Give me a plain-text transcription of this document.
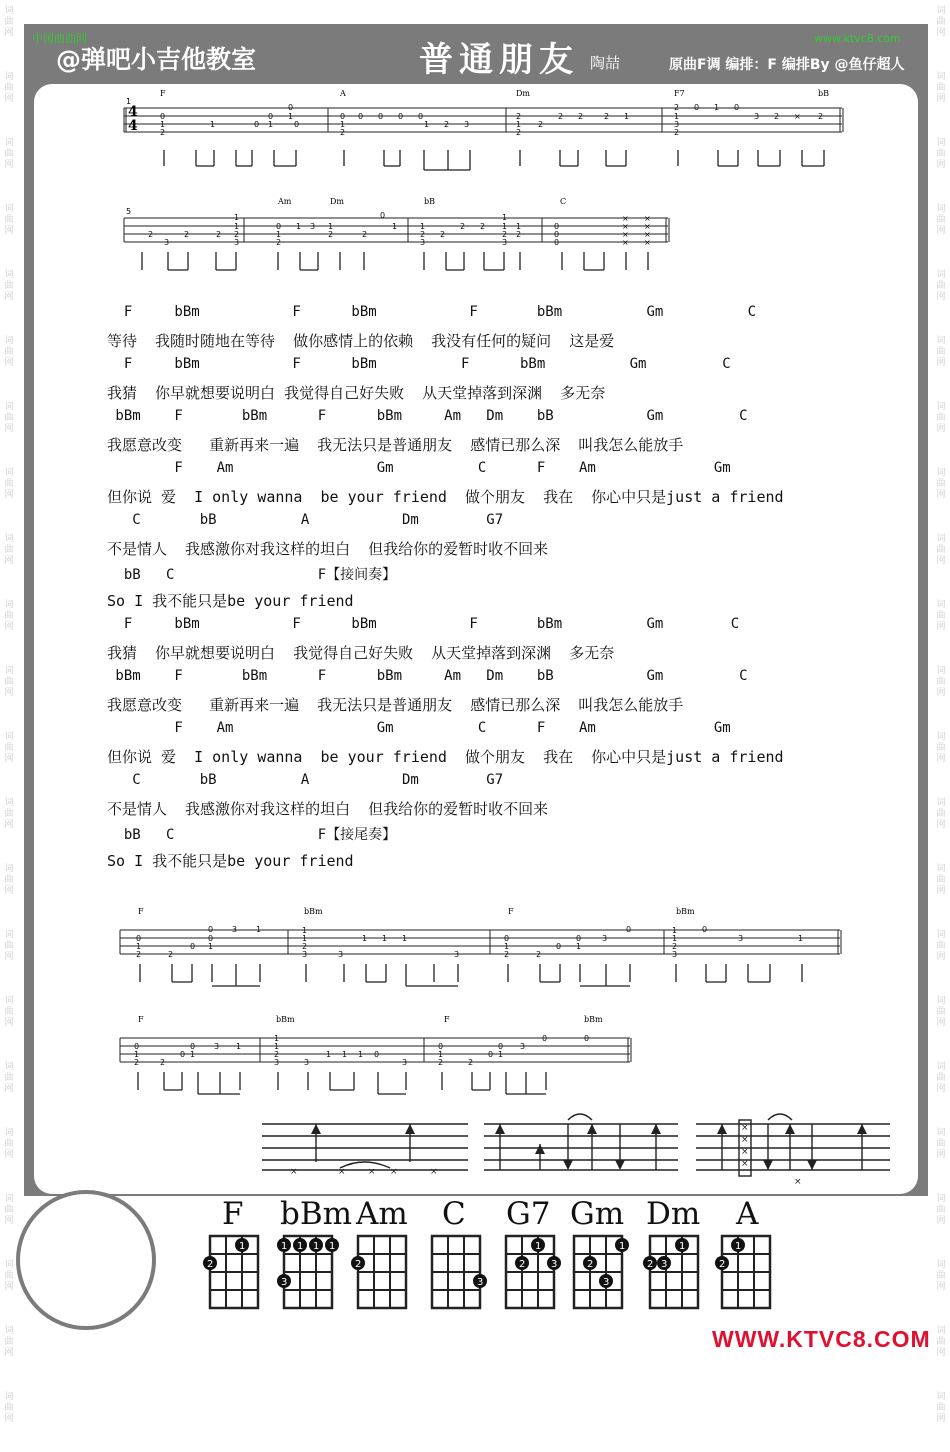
词
曲
网
词
曲
网
词
曲
网
词
曲
网
词
曲
网
词
曲
网
词
曲
网
词
曲
网
词
曲
网
词
曲
网
词
曲
网
词
曲
网
词
曲
网
词
曲
网
词
曲
网
词
曲
网
词
曲
网
词
曲
网
词
曲
网
词
曲
网
词
曲
网
词
曲
网
词
曲
网
词
曲
网
词
曲
网
词
曲
网
词
曲
网
词
曲
网
词
曲
网
词
曲
网
词
曲
网
词
曲
网
词
曲
网
词
曲
网
词
曲
网
词
曲
网
词
曲
网
词
曲
网
词
曲
网
词
曲
网
词
曲
网
词
曲
网
词
曲
网
词
曲
网
中国曲曲网
@弹吧小吉他教室	普通朋友 陶喆
www.ktvc8.com
原曲F调 编排：F 编排By @鱼仔超人
4
4
1
F	A	Dm	F7	bB
0
1
2
1	0
0
1
0
1
0
0
1
2
0 0 0 0
1 2 3
2
1
2
2
2 2	2 1
2
1
3
2
0 1 0
3 2 × 2
5
Am	Dm	bB	C
2
3
2	2
1
1
2
3
0
1
2
1 3 1
2	2
0
1	1
2
3
2
2 2
1
1
2
3
1
2
0
0
0
×
×
×
×
×
×
×
×
F     bBm           F      bBm           F       bBm          Gm          C
等待  我随时随地在等待  做你感情上的依赖  我没有任何的疑问  这是爱
F     bBm           F      bBm          F      bBm          Gm         C
我猜  你早就想要说明白 我觉得自己好失败  从天堂掉落到深渊  多无奈
bBm    F       bBm      F      bBm     Am   Dm    bB           Gm         C
我愿意改变   重新再来一遍  我无法只是普通朋友  感情已那么深  叫我怎么能放手
F    Am                 Gm          C      F    Am              Gm
但你说 爱  I only wanna  be your friend  做个朋友  我在  你心中只是just a friend
C       bB          A           Dm        G7
不是情人  我感激你对我这样的坦白  但我给你的爱暂时收不回来
bB   C                 F【接间奏】
So I 我不能只是be your friend
F     bBm           F      bBm           F       bBm          Gm        C
我猜  你早就想要说明白  我觉得自己好失败  从天堂掉落到深渊  多无奈
bBm    F       bBm      F      bBm     Am   Dm    bB           Gm         C
我愿意改变   重新再来一遍  我无法只是普通朋友  感情已那么深  叫我怎么能放手
F    Am                 Gm          C      F    Am              Gm
但你说 爱  I only wanna  be your friend  做个朋友  我在  你心中只是just a friend
C       bB          A           Dm        G7
不是情人  我感激你对我这样的坦白  但我给你的爱暂时收不回来
bB   C                 F【接尾奏】
So I 我不能只是be your friend
F	bBm	F	bBm
0
1
2	2
0
0
0
1
3 1	1
1
2
3	3
1 1 1
3
0
1
2	2
0
0
1
3
0	1
1
2
3
0
3	1
F	bBm	F	bBm
0
1
2	2
0
0
1
3 1
1
1
2
3	3
1 1 1 0
3
0
1
2	2
0
0
1
3
0	0
×	× × ×	×
×
×
×
×
×
F
1
2
bBm
1 1 1 1
3
Am
2
C
3
G7
1
2	3
Gm
1
2
3
Dm
1
2 3
A
1
2
WWW.KTVC8.COM
